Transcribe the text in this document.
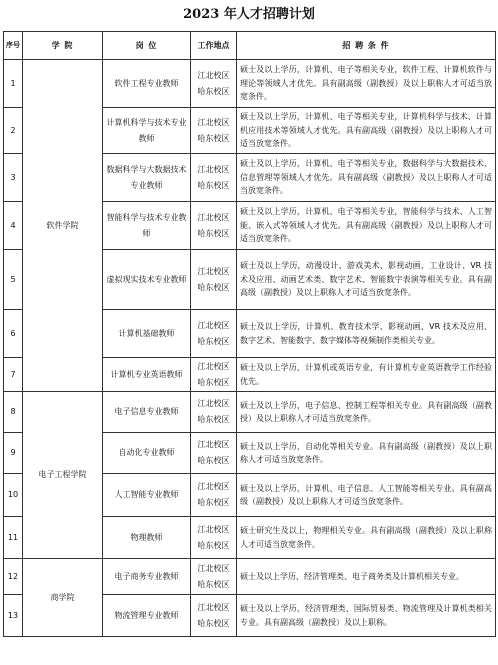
2023 年人才招聘计划
序号	学 院	岗 位	工作地点	招 聘 条 件
1	软件学院	软件工程专业教师	江北校区 哈东校区	硕士及以上学历，计算机、电子等相关专业，软件工程、计算机软件与理论等领域人才优先。具有副高级（副教授）及以上职称人才可适当放宽条件。
2		计算机科学与技术专业教师	江北校区 哈东校区	硕士及以上学历，计算机、电子等相关专业，计算机科学与技术、计算机应用技术等领域人才优先。具有副高级（副教授）及以上职称人才可适当放宽条件。
3		数据科学与大数据技术专业教师	江北校区 哈东校区	硕士及以上学历，计算机、电子等相关专业，数据科学与大数据技术、信息管理等领域人才优先。具有副高级（副教授）及以上职称人才可适当放宽条件。
4		智能科学与技术专业教师	江北校区 哈东校区	硕士及以上学历，计算机、电子等相关专业，智能科学与技术、人工智能、嵌入式等领域人才优先。具有副高级（副教授）及以上职称人才可适当放宽条件。
5		虚拟现实技术专业教师	江北校区 哈东校区	硕士及以上学历，动漫设计、游戏美术、影视动画、工业设计、VR 技术及应用、动画艺术类、数字艺术、智能数字表演等相关专业。具有副高级（副教授）及以上职称人才可适当放宽条件。
6		计算机基础教师	江北校区 哈东校区	硕士及以上学历，计算机、教育技术学、影视动画、VR 技术及应用、数字艺术、智能数字、数字媒体等视频制作类相关专业。
7		计算机专业英语教师	江北校区 哈东校区	硕士及以上学历，计算机或英语专业，有计算机专业英语教学工作经验优先。
8	电子工程学院	电子信息专业教师	江北校区 哈东校区	硕士及以上学历，电子信息、控制工程等相关专业。具有副高级（副教授）及以上职称人才可适当放宽条件。
9		自动化专业教师	江北校区 哈东校区	硕士及以上学历，自动化等相关专业。具有副高级（副教授）及以上职称人才可适当放宽条件。
10		人工智能专业教师	江北校区 哈东校区	硕士及以上学历，计算机、电子信息、人工智能等相关专业。具有副高级（副教授）及以上职称人才可适当放宽条件。
11		物理教师	江北校区 哈东校区	硕士研究生及以上，物理相关专业。具有副高级（副教授）及以上职称人才可适当放宽条件。
12	商学院	电子商务专业教师	江北校区 哈东校区	硕士及以上学历，经济管理类、电子商务类及计算机相关专业。
13		物流管理专业教师	江北校区 哈东校区	硕士及以上学历，经济管理类、国际贸易类、物流管理及计算机类相关专业。具有副高级（副教授）及以上职称。
